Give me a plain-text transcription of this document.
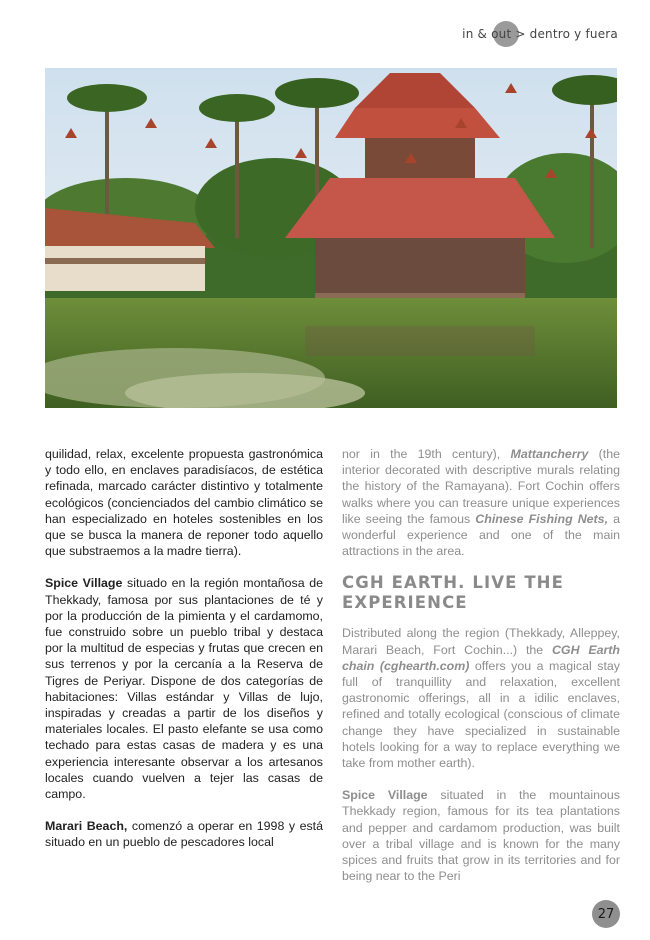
in & out > dentro y fuera

quilidad, relax, excelente propuesta gastronómica y todo ello, en enclaves paradisíacos, de estética refinada, marcado carácter distintivo y totalmente ecológicos (concienciados del cambio climático se han especializado en hoteles sostenibles en los que se busca la manera de reponer todo aquello que substraemos a la madre tierra).

Spice Village situado en la región montañosa de Thekkady, famosa por sus plantaciones de té y por la producción de la pimienta y el cardamomo, fue construido sobre un pueblo tribal y destaca por la multitud de especias y frutas que crecen en sus terrenos y por la cercanía a la Reserva de Tigres de Periyar. Dispone de dos categorías de habitaciones: Villas estándar y Villas de lujo, inspiradas y creadas a partir de los diseños y materiales locales. El pasto elefante se usa como techado para estas casas de madera y es una experiencia interesante observar a los artesanos locales cuando vuelven a tejer las casas de campo.

Marari Beach, comenzó a operar en 1998 y está situado en un pueblo de pescadores local

nor in the 19th century), Mattancherry (the interior decorated with descriptive murals relating the history of the Ramayana). Fort Cochin offers walks where you can treasure unique experiences like seeing the famous Chinese Fishing Nets, a wonderful experience and one of the main attractions in the area.

CGH EARTH. LIVE THE EXPERIENCE

Distributed along the region (Thekkady, Alleppey, Marari Beach, Fort Cochin...) the CGH Earth chain (cghearth.com) offers you a magical stay full of tranquillity and relaxation, excellent gastronomic offerings, all in a idilic enclaves, refined and totally ecological (conscious of climate change they have specialized in sustainable hotels looking for a way to replace everything we take from mother earth).

Spice Village situated in the mountainous Thekkady region, famous for its tea plantations and pepper and cardamom production, was built over a tribal village and is known for the many spices and fruits that grow in its territories and for being near to the Peri

27
